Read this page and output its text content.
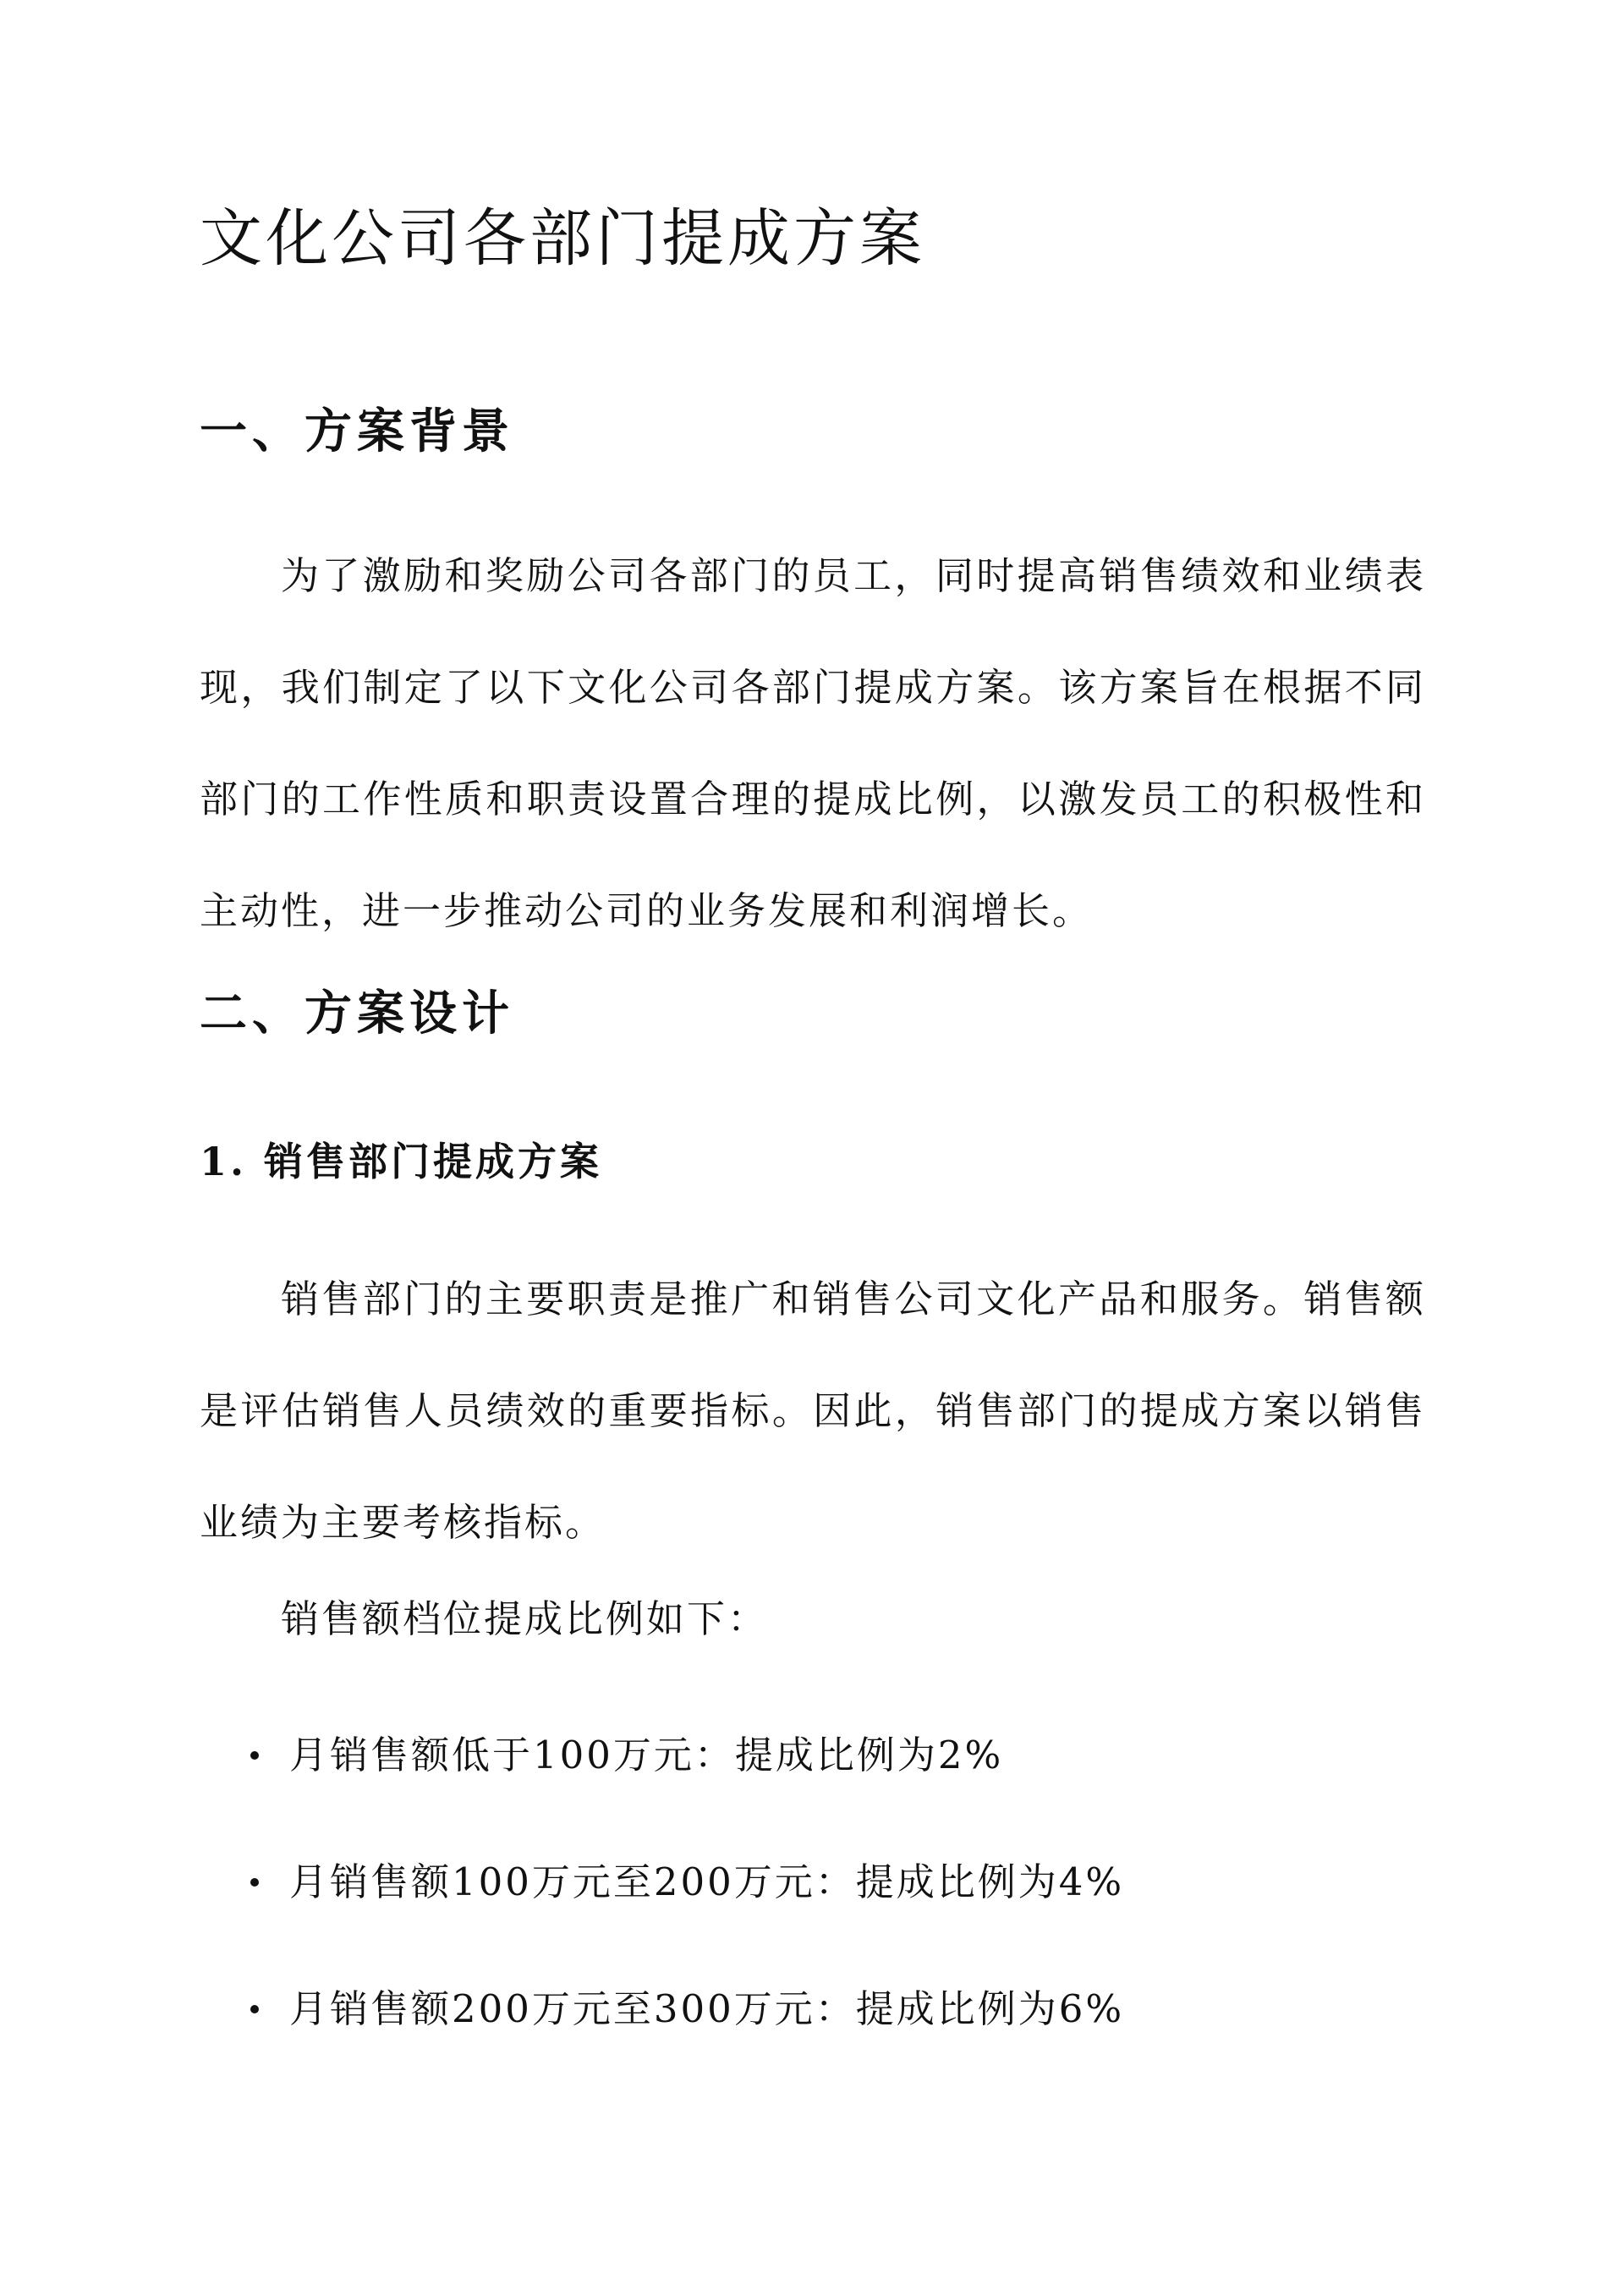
文化公司各部门提成方案
一、方案背景

为了激励和奖励公司各部门的员工，同时提高销售绩效和业绩表现，我们制定了以下文化公司各部门提成方案。该方案旨在根据不同部门的工作性质和职责设置合理的提成比例，以激发员工的积极性和主动性，进一步推动公司的业务发展和利润增长。

二、方案设计
1. 销售部门提成方案

销售部门的主要职责是推广和销售公司文化产品和服务。销售额是评估销售人员绩效的重要指标。因此，销售部门的提成方案以销售业绩为主要考核指标。

销售额档位提成比例如下：

月销售额低于100万元：提成比例为2%
月销售额100万元至200万元：提成比例为4%
月销售额200万元至300万元：提成比例为6%
